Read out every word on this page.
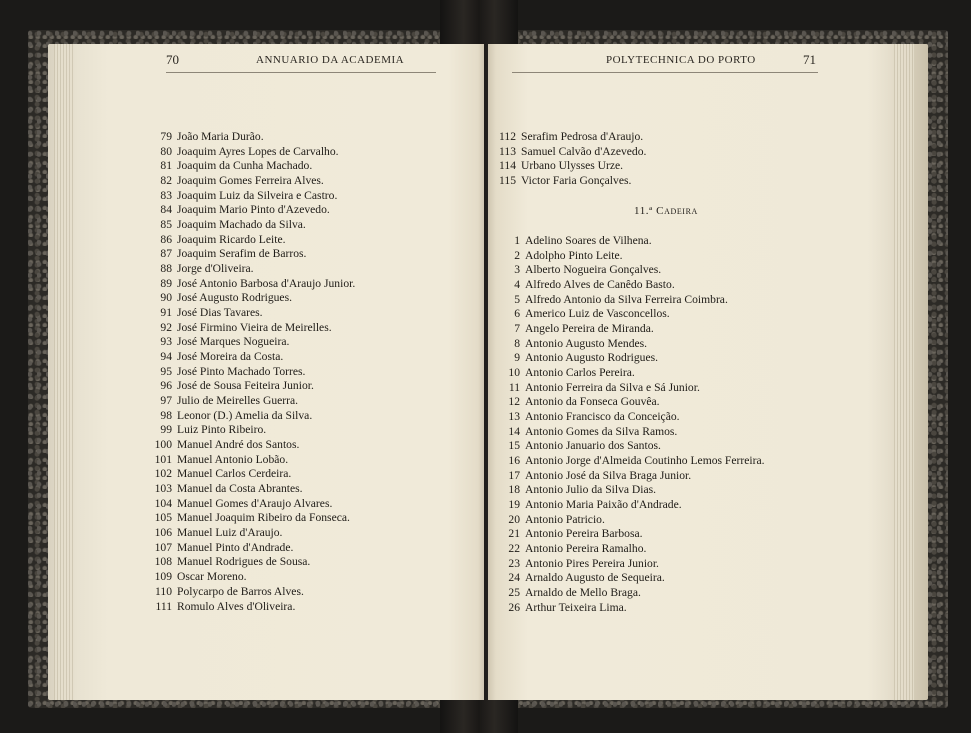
70	ANNUARIO DA ACADEMIA	POLYTECHNICA DO PORTO	71
79 João Maria Durão.
80 Joaquim Ayres Lopes de Carvalho.
81 Joaquim da Cunha Machado.
82 Joaquim Gomes Ferreira Alves.
83 Joaquim Luiz da Silveira e Castro.
84 Joaquim Mario Pinto d'Azevedo.
85 Joaquim Machado da Silva.
86 Joaquim Ricardo Leite.
87 Joaquim Serafim de Barros.
88 Jorge d'Oliveira.
89 José Antonio Barbosa d'Araujo Junior.
90 José Augusto Rodrigues.
91 José Dias Tavares.
92 José Firmino Vieira de Meirelles.
93 José Marques Nogueira.
94 José Moreira da Costa.
95 José Pinto Machado Torres.
96 José de Sousa Feiteira Junior.
97 Julio de Meirelles Guerra.
98 Leonor (D.) Amelia da Silva.
99 Luiz Pinto Ribeiro.
100 Manuel André dos Santos.
101 Manuel Antonio Lobão.
102 Manuel Carlos Cerdeira.
103 Manuel da Costa Abrantes.
104 Manuel Gomes d'Araujo Alvares.
105 Manuel Joaquim Ribeiro da Fonseca.
106 Manuel Luiz d'Araujo.
107 Manuel Pinto d'Andrade.
108 Manuel Rodrigues de Sousa.
109 Oscar Moreno.
110 Polycarpo de Barros Alves.
111 Romulo Alves d'Oliveira.
112 Serafim Pedrosa d'Araujo.
113 Samuel Calvão d'Azevedo.
114 Urbano Ulysses Urze.
115 Victor Faria Gonçalves.
11.ª Cadeira
1 Adelino Soares de Vilhena.
2 Adolpho Pinto Leite.
3 Alberto Nogueira Gonçalves.
4 Alfredo Alves de Canêdo Basto.
5 Alfredo Antonio da Silva Ferreira Coimbra.
6 Americo Luiz de Vasconcellos.
7 Angelo Pereira de Miranda.
8 Antonio Augusto Mendes.
9 Antonio Augusto Rodrigues.
10 Antonio Carlos Pereira.
11 Antonio Ferreira da Silva e Sá Junior.
12 Antonio da Fonseca Gouvêa.
13 Antonio Francisco da Conceição.
14 Antonio Gomes da Silva Ramos.
15 Antonio Januario dos Santos.
16 Antonio Jorge d'Almeida Coutinho Lemos Ferreira.
17 Antonio José da Silva Braga Junior.
18 Antonio Julio da Silva Dias.
19 Antonio Maria Paixão d'Andrade.
20 Antonio Patricio.
21 Antonio Pereira Barbosa.
22 Antonio Pereira Ramalho.
23 Antonio Pires Pereira Junior.
24 Arnaldo Augusto de Sequeira.
25 Arnaldo de Mello Braga.
26 Arthur Teixeira Lima.
